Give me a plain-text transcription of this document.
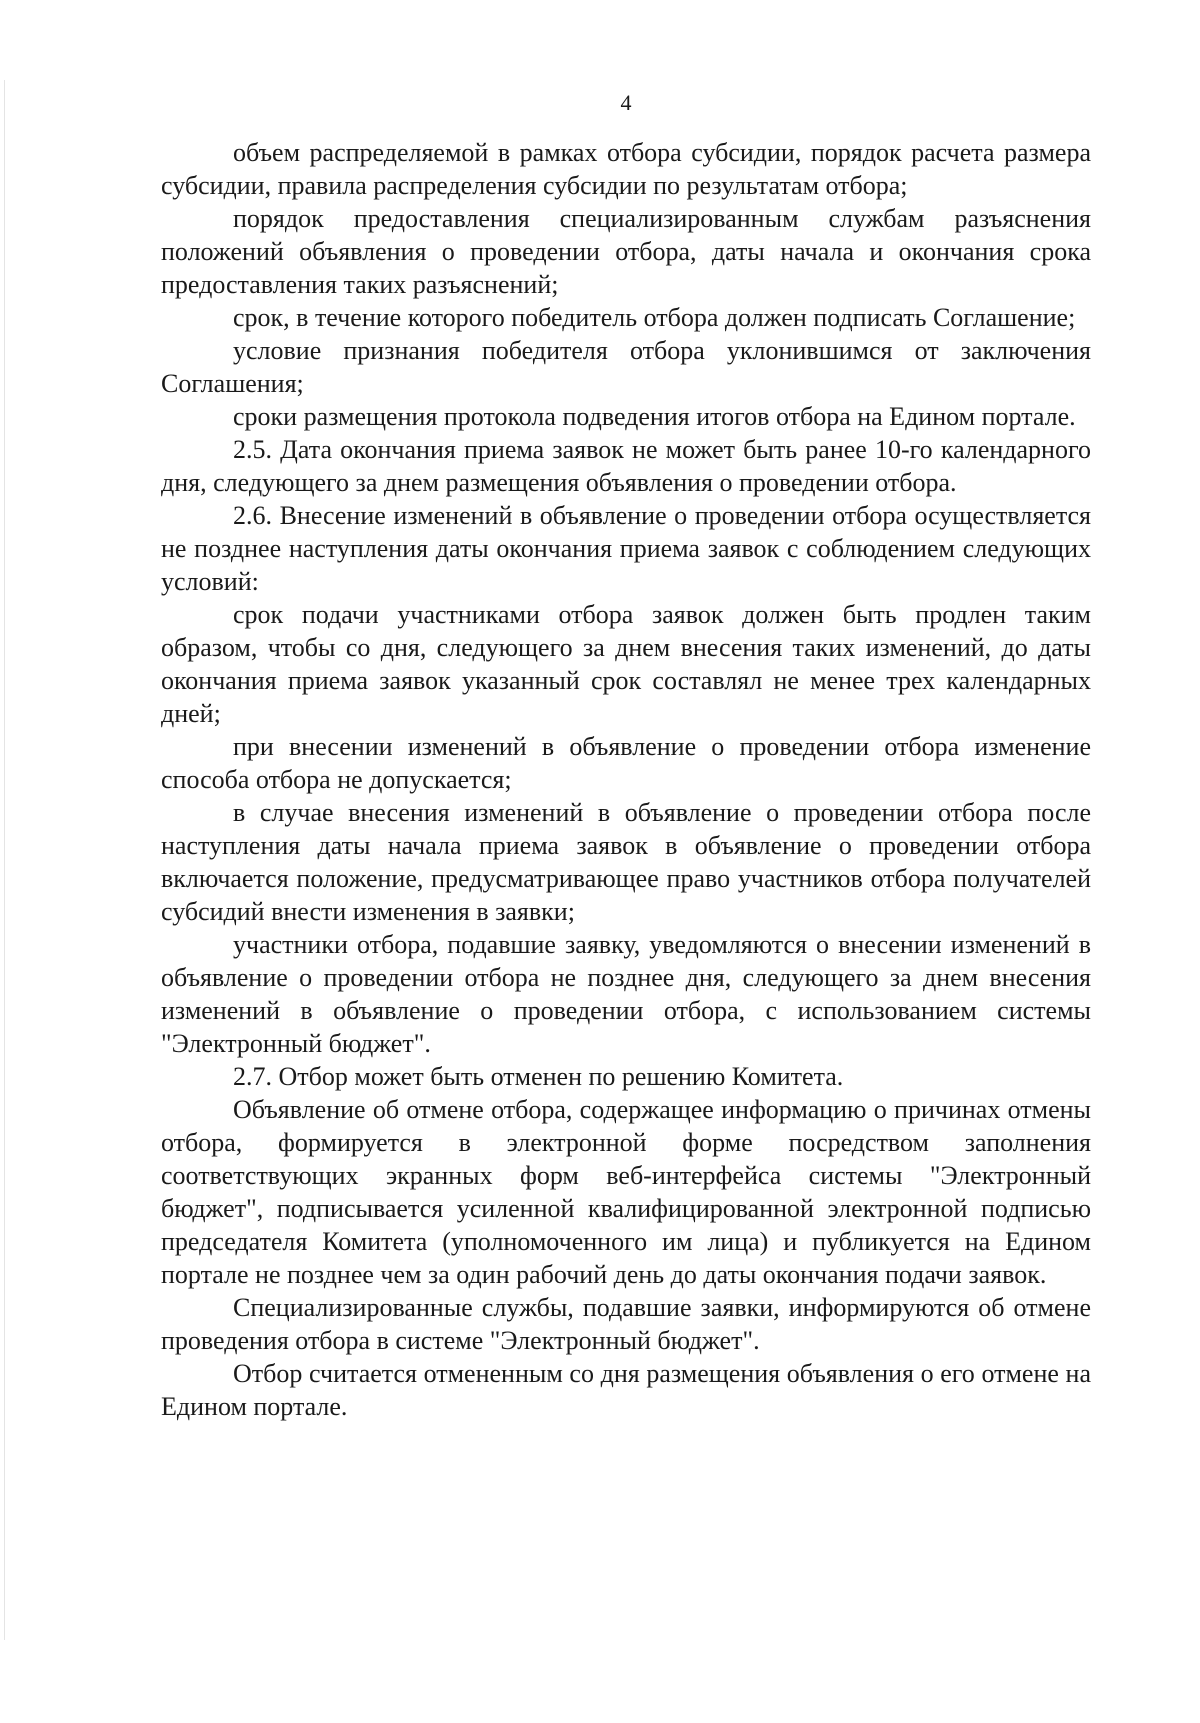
4

объем распределяемой в рамках отбора субсидии, порядок расчета размера субсидии, правила распределения субсидии по результатам отбора;

порядок предоставления специализированным службам разъяснения положений объявления о проведении отбора, даты начала и окончания срока предоставления таких разъяснений;

срок, в течение которого победитель отбора должен подписать Соглашение;

условие признания победителя отбора уклонившимся от заключения Соглашения;

сроки размещения протокола подведения итогов отбора на Едином портале.

2.5. Дата окончания приема заявок не может быть ранее 10-го календарного дня, следующего за днем размещения объявления о проведении отбора.

2.6. Внесение изменений в объявление о проведении отбора осуществляется не позднее наступления даты окончания приема заявок с соблюдением следующих условий:

срок подачи участниками отбора заявок должен быть продлен таким образом, чтобы со дня, следующего за днем внесения таких изменений, до даты окончания приема заявок указанный срок составлял не менее трех календарных дней;

при внесении изменений в объявление о проведении отбора изменение способа отбора не допускается;

в случае внесения изменений в объявление о проведении отбора после наступления даты начала приема заявок в объявление о проведении отбора включается положение, предусматривающее право участников отбора получателей субсидий внести изменения в заявки;

участники отбора, подавшие заявку, уведомляются о внесении изменений в объявление о проведении отбора не позднее дня, следующего за днем внесения изменений в объявление о проведении отбора, с использованием системы "Электронный бюджет".

2.7. Отбор может быть отменен по решению Комитета.

Объявление об отмене отбора, содержащее информацию о причинах отмены отбора, формируется в электронной форме посредством заполнения соответствующих экранных форм веб-интерфейса системы "Электронный бюджет", подписывается усиленной квалифицированной электронной подписью председателя Комитета (уполномоченного им лица) и публикуется на Едином портале не позднее чем за один рабочий день до даты окончания подачи заявок.

Специализированные службы, подавшие заявки, информируются об отмене проведения отбора в системе "Электронный бюджет".

Отбор считается отмененным со дня размещения объявления о его отмене на Едином портале.
